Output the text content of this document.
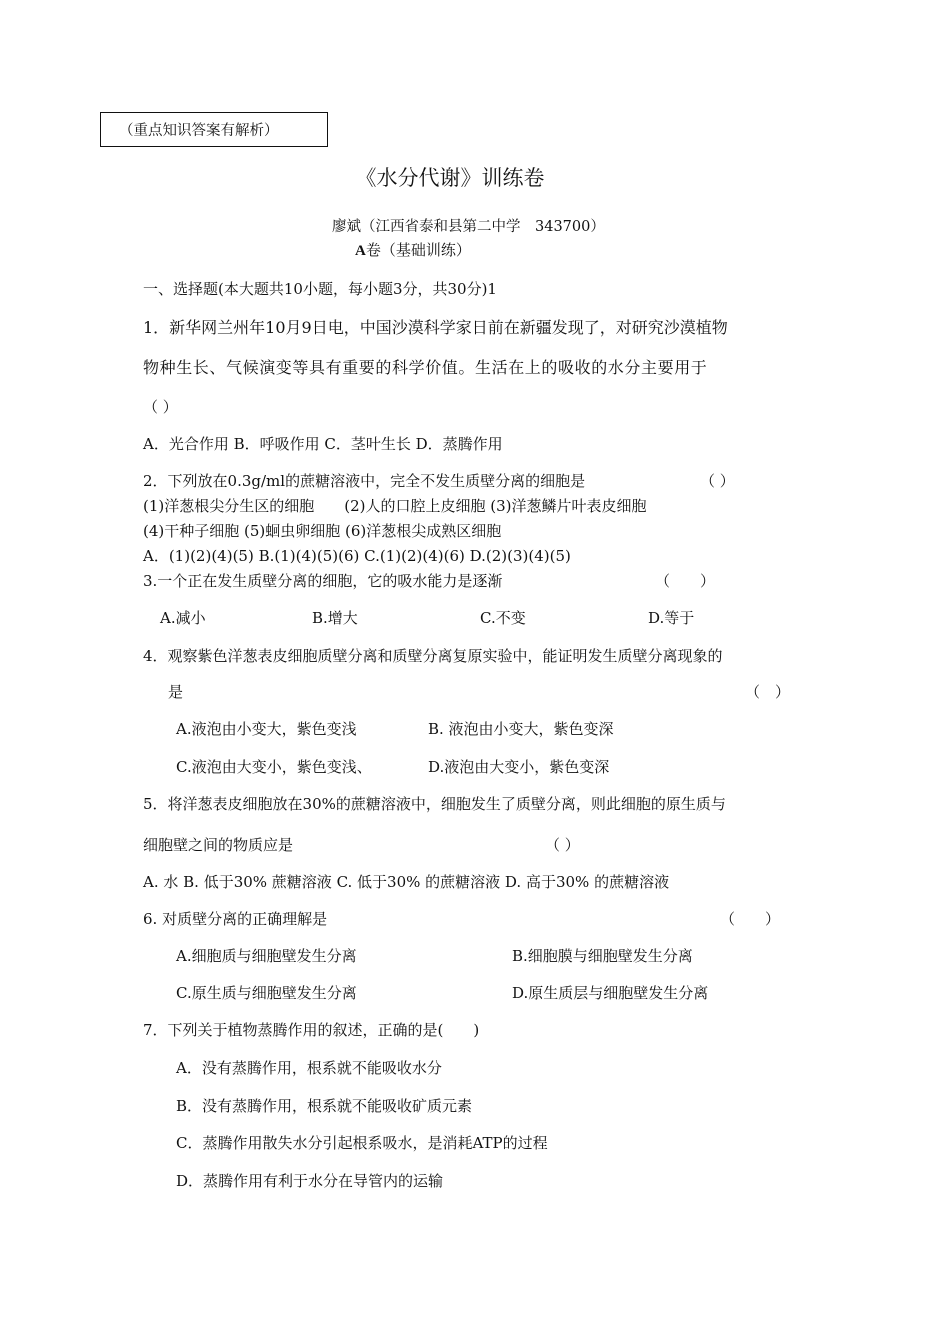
（重点知识答案有解析）
《水分代谢》训练卷
廖斌（江西省泰和县第二中学　343700）
A卷（基础训练）
一、选择题(本大题共10小题，每小题3分，共30分)1
1．新华网兰州年10月9日电，中国沙漠科学家日前在新疆发现了，对研究沙漠植物
物种生长、气候演变等具有重要的科学价值。生活在上的吸收的水分主要用于
（ ）
A．光合作用 B．呼吸作用 C．茎叶生长 D．蒸腾作用
2．下列放在0.3g/ml的蔗糖溶液中，完全不发生质壁分离的细胞是	（ ）
(1)洋葱根尖分生区的细胞　　(2)人的口腔上皮细胞 (3)洋葱鳞片叶表皮细胞
(4)干种子细胞 (5)蛔虫卵细胞 (6)洋葱根尖成熟区细胞
A．(1)(2)(4)(5) B.(1)(4)(5)(6) C.(1)(2)(4)(6) D.(2)(3)(4)(5)
3.一个正在发生质壁分离的细胞，它的吸水能力是逐渐	（　　）
A.减小	B.增大	C.不变	D.等于
4．观察紫色洋葱表皮细胞质壁分离和质壁分离复原实验中，能证明发生质壁分离现象的
是	（　）
A.液泡由小变大，紫色变浅	B. 液泡由小变大，紫色变深
C.液泡由大变小，紫色变浅、	D.液泡由大变小，紫色变深
5．将洋葱表皮细胞放在30%的蔗糖溶液中，细胞发生了质壁分离，则此细胞的原生质与
细胞壁之间的物质应是	（ ）
A. 水 B. 低于30% 蔗糖溶液 C. 低于30% 的蔗糖溶液 D. 高于30% 的蔗糖溶液
6. 对质壁分离的正确理解是	（　　）
A.细胞质与细胞壁发生分离	B.细胞膜与细胞壁发生分离
C.原生质与细胞壁发生分离	D.原生质层与细胞壁发生分离
7．下列关于植物蒸腾作用的叙述，正确的是(　　)
A．没有蒸腾作用，根系就不能吸收水分
B．没有蒸腾作用，根系就不能吸收矿质元素
C．蒸腾作用散失水分引起根系吸水，是消耗ATP的过程
D．蒸腾作用有利于水分在导管内的运输
